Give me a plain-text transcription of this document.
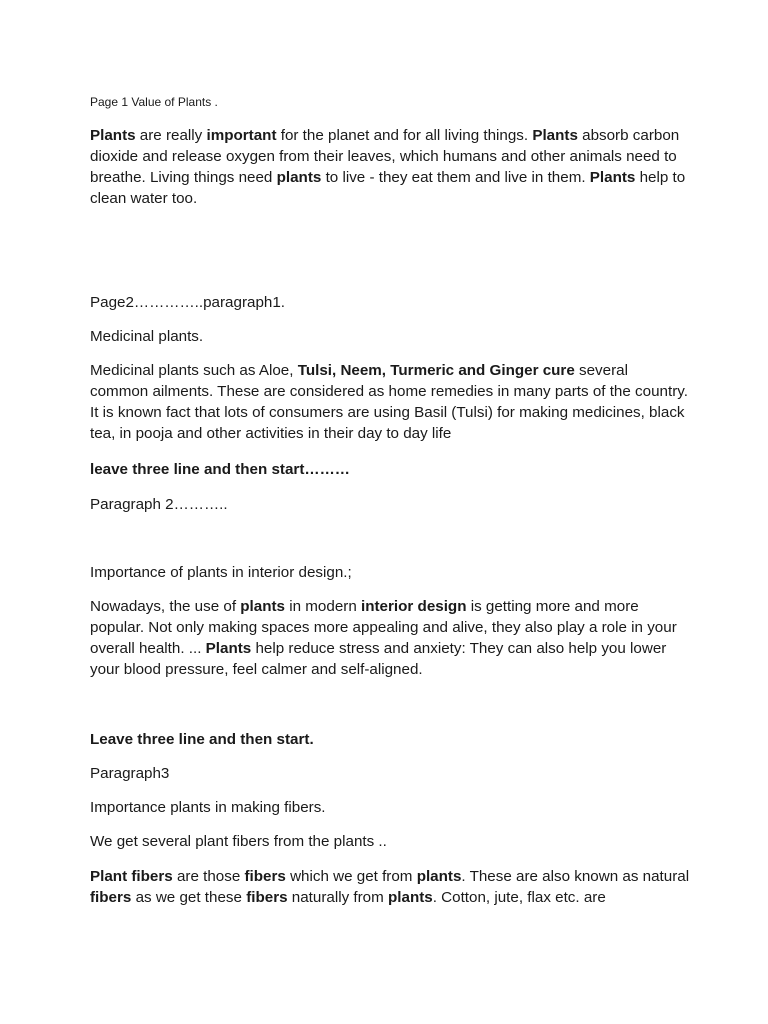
Page 1 Value of Plants .

Plants are really important for the planet and for all living things. Plants absorb carbon dioxide and release oxygen from their leaves, which humans and other animals need to breathe. Living things need plants to live - they eat them and live in them. Plants help to clean water too.

Page2…………..paragraph1.

Medicinal plants.

Medicinal plants such as Aloe, Tulsi, Neem, Turmeric and Ginger cure several common ailments. These are considered as home remedies in many parts of the country. It is known fact that lots of consumers are using Basil (Tulsi) for making medicines, black tea, in pooja and other activities in their day to day life

leave three line and then start………

Paragraph 2………..

Importance of plants in interior design.;

Nowadays, the use of plants in modern interior design is getting more and more popular. Not only making spaces more appealing and alive, they also play a role in your overall health. ... Plants help reduce stress and anxiety: They can also help you lower your blood pressure, feel calmer and self-aligned.

Leave three line and then start.

Paragraph3

Importance plants in making fibers.

We get several plant fibers from the plants ..

Plant fibers are those fibers which we get from plants. These are also known as natural fibers as we get these fibers naturally from plants. Cotton, jute, flax etc. are
